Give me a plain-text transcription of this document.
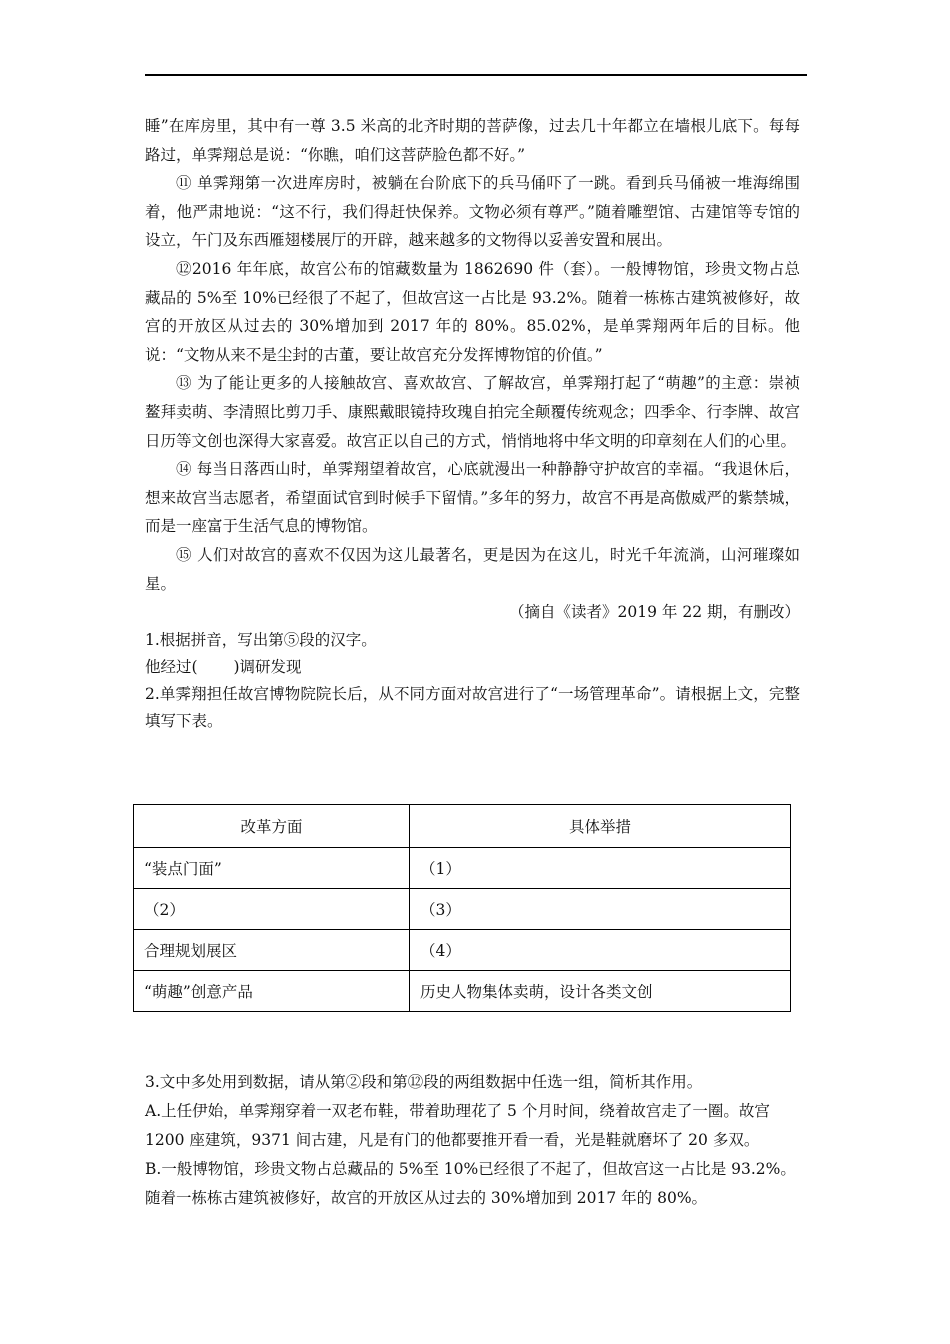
睡”在库房里，其中有一尊 3.5 米高的北齐时期的菩萨像，过去几十年都立在墙根儿底下。每每路过，单霁翔总是说：“你瞧，咱们这菩萨脸色都不好。”

⑪ 单霁翔第一次进库房时，被躺在台阶底下的兵马俑吓了一跳。看到兵马俑被一堆海绵围着，他严肃地说：“这不行，我们得赶快保养。文物必须有尊严。”随着雕塑馆、古建馆等专馆的设立，午门及东西雁翅楼展厅的开辟，越来越多的文物得以妥善安置和展出。

⑫2016 年年底，故宫公布的馆藏数量为 1862690 件（套）。一般博物馆，珍贵文物占总藏品的 5%至 10%已经很了不起了，但故宫这一占比是 93.2%。随着一栋栋古建筑被修好，故宫的开放区从过去的 30%增加到 2017 年的 80%。85.02%，是单霁翔两年后的目标。他说：“文物从来不是尘封的古董，要让故宫充分发挥博物馆的价值。”

⑬ 为了能让更多的人接触故宫、喜欢故宫、了解故宫，单霁翔打起了“萌趣”的主意：崇祯鳌拜卖萌、李清照比剪刀手、康熙戴眼镜持玫瑰自拍完全颠覆传统观念；四季伞、行李牌、故宫日历等文创也深得大家喜爱。故宫正以自己的方式，悄悄地将中华文明的印章刻在人们的心里。

⑭ 每当日落西山时，单霁翔望着故宫，心底就漫出一种静静守护故宫的幸福。“我退休后，想来故宫当志愿者，希望面试官到时候手下留情。”多年的努力，故宫不再是高傲威严的紫禁城，而是一座富于生活气息的博物馆。

⑮ 人们对故宫的喜欢不仅因为这儿最著名，更是因为在这儿，时光千年流淌，山河璀璨如星。

（摘自《读者》2019 年 22 期，有删改）

1.根据拼音，写出第⑤段的汉字。

他经过(　　 )调研发现

2.单霁翔担任故宫博物院院长后，从不同方面对故宫进行了“一场管理革命”。请根据上文，完整填写下表。

改革方面	具体举措
“装点门面”	（1）
（2）	（3）
合理规划展区	（4）
“萌趣”创意产品	历史人物集体卖萌，设计各类文创

3.文中多处用到数据，请从第②段和第⑫段的两组数据中任选一组，简析其作用。

A.上任伊始，单霁翔穿着一双老布鞋，带着助理花了 5 个月时间，绕着故宫走了一圈。故宫 1200 座建筑，9371 间古建，凡是有门的他都要推开看一看，光是鞋就磨坏了 20 多双。

B.一般博物馆，珍贵文物占总藏品的 5%至 10%已经很了不起了，但故宫这一占比是 93.2%。随着一栋栋古建筑被修好，故宫的开放区从过去的 30%增加到 2017 年的 80%。
